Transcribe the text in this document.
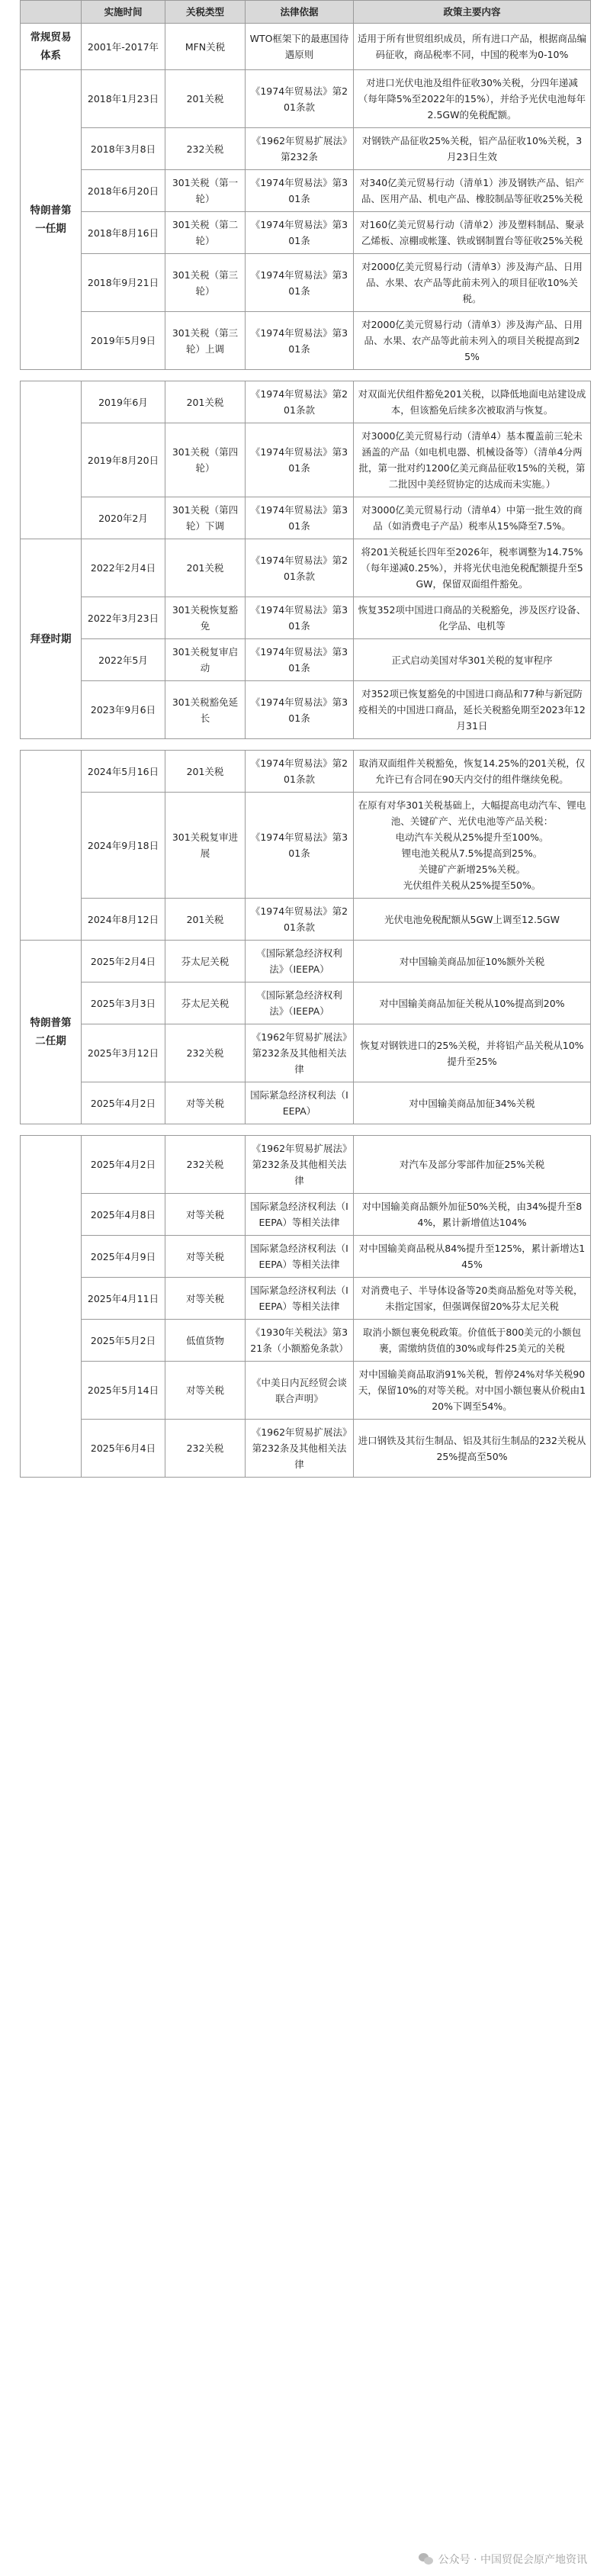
	实施时间	关税类型	法律依据	政策主要内容
常规贸易体系	2001年-2017年	MFN关税	WTO框架下的最惠国待遇原则	适用于所有世贸组织成员，所有进口产品，根据商品编码征收，商品税率不同，中国的税率为0-10%
特朗普第一任期	2018年1月23日	201关税	《1974年贸易法》第201条款	对进口光伏电池及组件征收30%关税，分四年递减（每年降5%至2022年的15%），并给予光伏电池每年2.5GW的免税配额。
	2018年3月8日	232关税	《1962年贸易扩展法》第232条	对钢铁产品征收25%关税，铝产品征收10%关税，3月23日生效
	2018年6月20日	301关税（第一轮）	《1974年贸易法》第301条	对340亿美元贸易行动（清单1）涉及钢铁产品、铝产品、医用产品、机电产品、橡胶制品等征收25%关税
	2018年8月16日	301关税（第二轮）	《1974年贸易法》第301条	对160亿美元贸易行动（清单2）涉及塑料制品、聚录乙烯板、凉棚或帐篷、铁或钢制置台等征收25%关税
	2018年9月21日	301关税（第三轮）	《1974年贸易法》第301条	对2000亿美元贸易行动（清单3）涉及海产品、日用品、水果、农产品等此前未列入的项目征收10%关税。
	2019年5月9日	301关税（第三轮）上调	《1974年贸易法》第301条	对2000亿美元贸易行动（清单3）涉及海产品、日用品、水果、农产品等此前未列入的项目关税提高到25%

	2019年6月	201关税	《1974年贸易法》第201条款	对双面光伏组件豁免201关税，以降低地面电站建设成本，但该豁免后续多次被取消与恢复。
	2019年8月20日	301关税（第四轮）	《1974年贸易法》第301条	对3000亿美元贸易行动（清单4）基本覆盖前三轮未涵盖的产品（如电机电器、机械设备等）（清单4分两批，第一批对约1200亿美元商品征收15%的关税，第二批因中美经贸协定的达成而未实施。）
	2020年2月	301关税（第四轮）下调	《1974年贸易法》第301条	对3000亿美元贸易行动（清单4）中第一批生效的商品（如消费电子产品）税率从15%降至7.5%。
拜登时期	2022年2月4日	201关税	《1974年贸易法》第201条款	将201关税延长四年至2026年，税率调整为14.75%（每年递减0.25%），并将光伏电池免税配额提升至5GW，保留双面组件豁免。
	2022年3月23日	301关税恢复豁免	《1974年贸易法》第301条	恢复352项中国进口商品的关税豁免，涉及医疗设备、化学品、电机等
	2022年5月	301关税复审启动	《1974年贸易法》第301条	正式启动美国对华301关税的复审程序
	2023年9月6日	301关税豁免延长	《1974年贸易法》第301条	对352项已恢复豁免的中国进口商品和77种与新冠防疫相关的中国进口商品，延长关税豁免期至2023年12月31日

	2024年5月16日	201关税	《1974年贸易法》第201条款	取消双面组件关税豁免，恢复14.25%的201关税，仅允许已有合同在90天内交付的组件继续免税。
	2024年9月18日	301关税复审进展	《1974年贸易法》第301条	在原有对华301关税基础上，大幅提高电动汽车、锂电池、关键矿产、光伏电池等产品关税：
电动汽车关税从25%提升至100%。
锂电池关税从7.5%提高到25%。
关键矿产新增25%关税。
光伏组件关税从25%提至50%。
	2024年8月12日	201关税	《1974年贸易法》第201条款	光伏电池免税配额从5GW上调至12.5GW
特朗普第二任期	2025年2月4日	芬太尼关税	《国际紧急经济权利法》（IEEPA）	对中国输美商品加征10%额外关税
	2025年3月3日	芬太尼关税	《国际紧急经济权利法》（IEEPA）	对中国输美商品加征关税从10%提高到20%
	2025年3月12日	232关税	《1962年贸易扩展法》第232条及其他相关法律	恢复对钢铁进口的25%关税，并将铝产品关税从10%提升至25%
	2025年4月2日	对等关税	国际紧急经济权利法（IEEPA）	对中国输美商品加征34%关税

	2025年4月2日	232关税	《1962年贸易扩展法》第232条及其他相关法律	对汽车及部分零部件加征25%关税
	2025年4月8日	对等关税	国际紧急经济权利法（IEEPA）等相关法律	对中国输美商品额外加征50%关税，由34%提升至84%，累计新增值达104%
	2025年4月9日	对等关税	国际紧急经济权利法（IEEPA）等相关法律	对中国输美商品税从84%提升至125%，累计新增达145%
	2025年4月11日	对等关税	国际紧急经济权利法（IEEPA）等相关法律	对消费电子、半导体设备等20类商品豁免对等关税，未指定国家，但强调保留20%芬太尼关税
	2025年5月2日	低值货物	《1930年关税法》第321条（小额豁免条款）	取消小额包裹免税政策。价值低于800美元的小额包裹，需缴纳货值的30%或每件25美元的关税
	2025年5月14日	对等关税	《中美日内瓦经贸会谈联合声明》	对中国输美商品取消91%关税，暂停24%对华关税90天，保留10%的对等关税。对中国小额包裹从价税由120%下调至54%。
	2025年6月4日	232关税	《1962年贸易扩展法》第232条及其他相关法律	进口钢铁及其衍生制品、铝及其衍生制品的232关税从25%提高至50%
公众号 · 中国贸促会原产地资讯
